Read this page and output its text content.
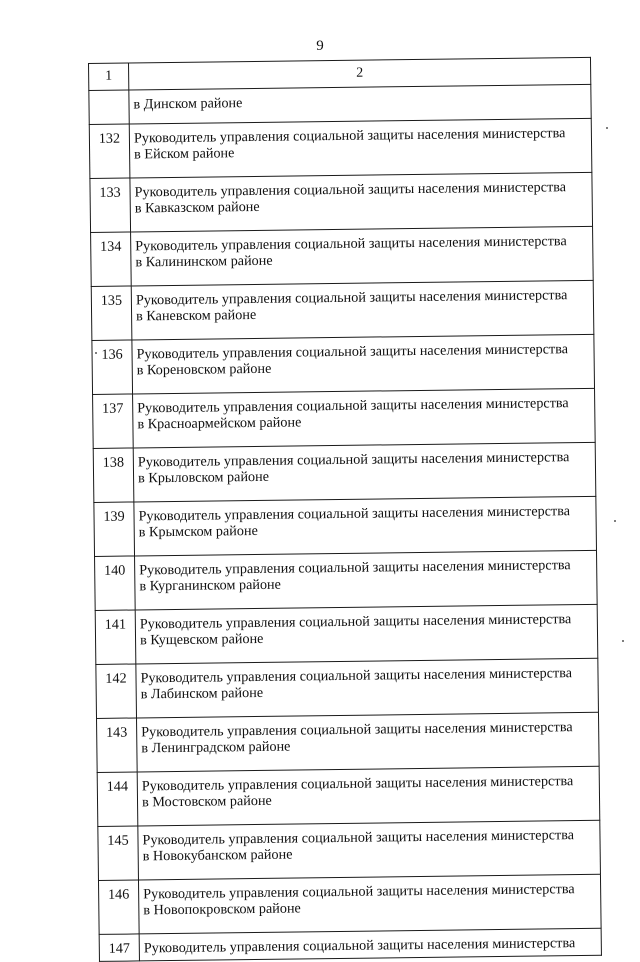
9
1	2

	в Динском районе

132	Руководитель управления социальной защиты населения министерства
в Ейском районе

133	Руководитель управления социальной защиты населения министерства
в Кавказском районе

134	Руководитель управления социальной защиты населения министерства
в Калининском районе

135	Руководитель управления социальной защиты населения министерства
в Каневском районе

136	Руководитель управления социальной защиты населения министерства
в Кореновском районе

137	Руководитель управления социальной защиты населения министерства
в Красноармейском районе

138	Руководитель управления социальной защиты населения министерства
в Крыловском районе

139	Руководитель управления социальной защиты населения министерства
в Крымском районе

140	Руководитель управления социальной защиты населения министерства
в Курганинском районе

141	Руководитель управления социальной защиты населения министерства
в Кущевском районе

142	Руководитель управления социальной защиты населения министерства
в Лабинском районе

143	Руководитель управления социальной защиты населения министерства
в Ленинградском районе

144	Руководитель управления социальной защиты населения министерства
в Мостовском районе

145	Руководитель управления социальной защиты населения министерства
в Новокубанском районе

146	Руководитель управления социальной защиты населения министерства
в Новопокровском районе

147	Руководитель управления социальной защиты населения министерства
